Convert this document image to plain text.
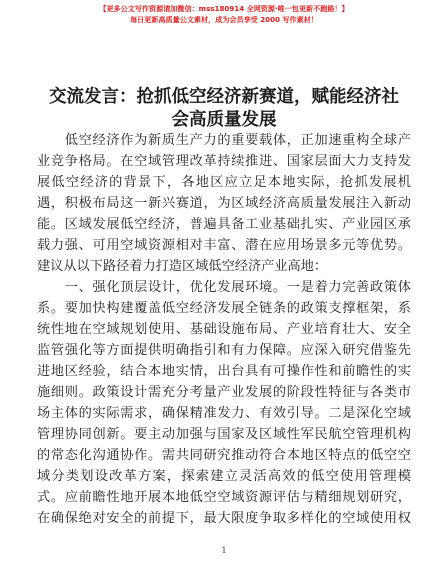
【更多公文写作资源请加微信：mss180914 全网资源·唯一包更新不跑路！】
每日更新高质量公文素材，成为会员享受 2000 写作素材！
交流发言：抢抓低空经济新赛道，赋能经济社
会高质量发展
　　低空经济作为新质生产力的重要载体，正加速重构全球产
业竞争格局。在空域管理改革持续推进、国家层面大力支持发
展低空经济的背景下，各地区应立足本地实际，抢抓发展机
遇，积极布局这一新兴赛道，为区域经济高质量发展注入新动
能。区域发展低空经济，普遍具备工业基础扎实、产业园区承
载力强、可用空域资源相对丰富、潜在应用场景多元等优势。
建议从以下路径着力打造区域低空经济产业高地：
　　一、强化顶层设计，优化发展环境。一是着力完善政策体
系。要加快构建覆盖低空经济发展全链条的政策支撑框架，系
统性地在空域规划使用、基础设施布局、产业培育壮大、安全
监管强化等方面提供明确指引和有力保障。应深入研究借鉴先
进地区经验，结合本地实情，出台具有可操作性和前瞻性的实
施细则。政策设计需充分考量产业发展的阶段性特征与各类市
场主体的实际需求，确保精准发力、有效引导。二是深化空域
管理协同创新。要主动加强与国家及区域性军民航空管理机构
的常态化沟通协作。需共同研究推动符合本地区特点的低空空
域分类划设改革方案，探索建立灵活高效的低空使用管理模
式。应前瞻性地开展本地低空空域资源评估与精细规划研究，
在确保绝对安全的前提下，最大限度争取多样化的空域使用权
1
